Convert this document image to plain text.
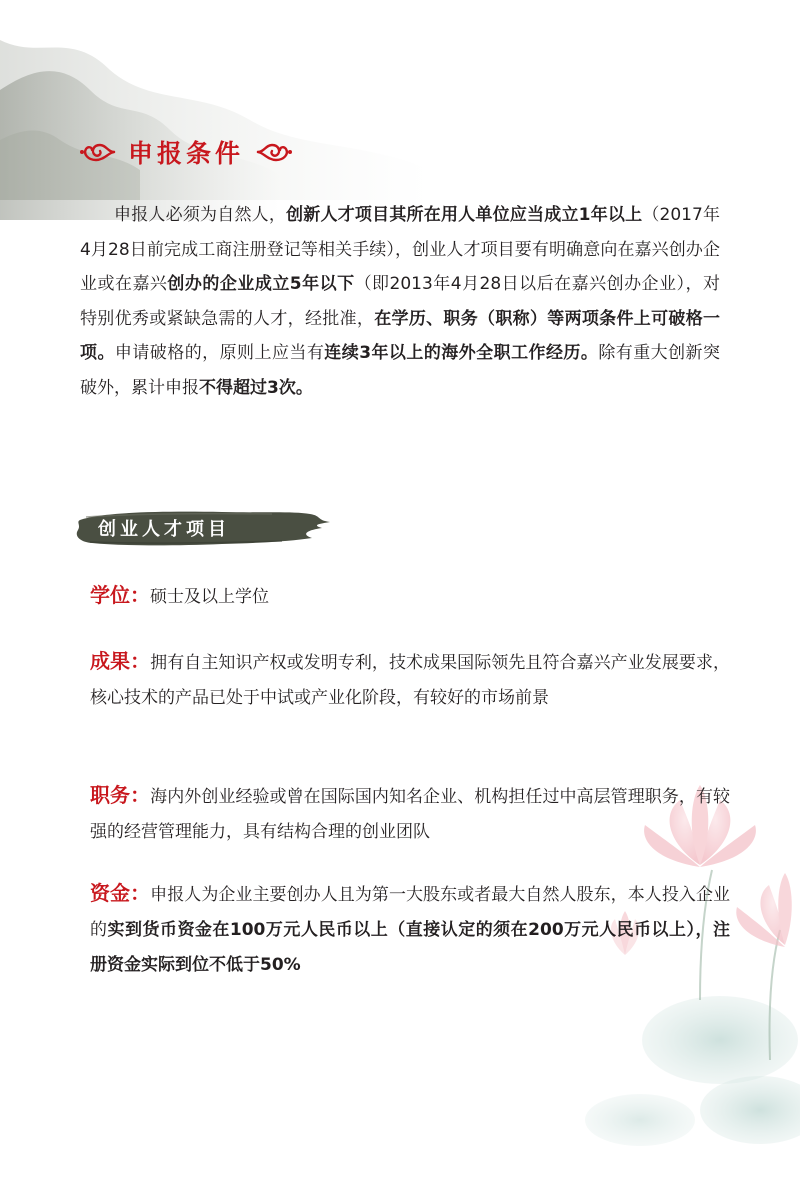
申报条件

申报人必须为自然人，创新人才项目其所在用人单位应当成立1年以上（2017年4月28日前完成工商注册登记等相关手续），创业人才项目要有明确意向在嘉兴创办企业或在嘉兴创办的企业成立5年以下（即2013年4月28日以后在嘉兴创办企业），对特别优秀或紧缺急需的人才，经批准，在学历、职务（职称）等两项条件上可破格一项。申请破格的，原则上应当有连续3年以上的海外全职工作经历。除有重大创新突破外，累计申报不得超过3次。

创业人才项目

学位：硕士及以上学位

成果：拥有自主知识产权或发明专利，技术成果国际领先且符合嘉兴产业发展要求，核心技术的产品已处于中试或产业化阶段，有较好的市场前景

职务：海内外创业经验或曾在国际国内知名企业、机构担任过中高层管理职务，有较强的经营管理能力，具有结构合理的创业团队

资金：申报人为企业主要创办人且为第一大股东或者最大自然人股东，本人投入企业的实到货币资金在100万元人民币以上（直接认定的须在200万元人民币以上），注册资金实际到位不低于50%
